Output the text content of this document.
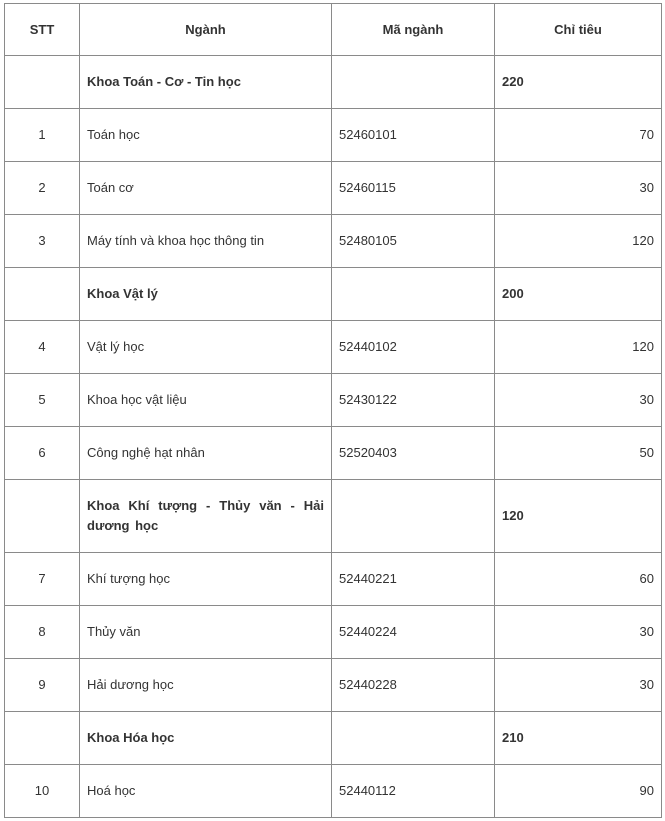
STT	Ngành	Mã ngành	Chỉ tiêu
	Khoa Toán - Cơ - Tin học		220
1	Toán học	52460101	70
2	Toán cơ	52460115	30
3	Máy tính và khoa học thông tin	52480105	120
	Khoa Vật lý		200
4	Vật lý học	52440102	120
5	Khoa học vật liệu	52430122	30
6	Công nghệ hạt nhân	52520403	50
	Khoa Khí tượng - Thủy văn - Hải dương học		120
7	Khí tượng học	52440221	60
8	Thủy văn	52440224	30
9	Hải dương học	52440228	30
	Khoa Hóa học		210
10	Hoá học	52440112	90
